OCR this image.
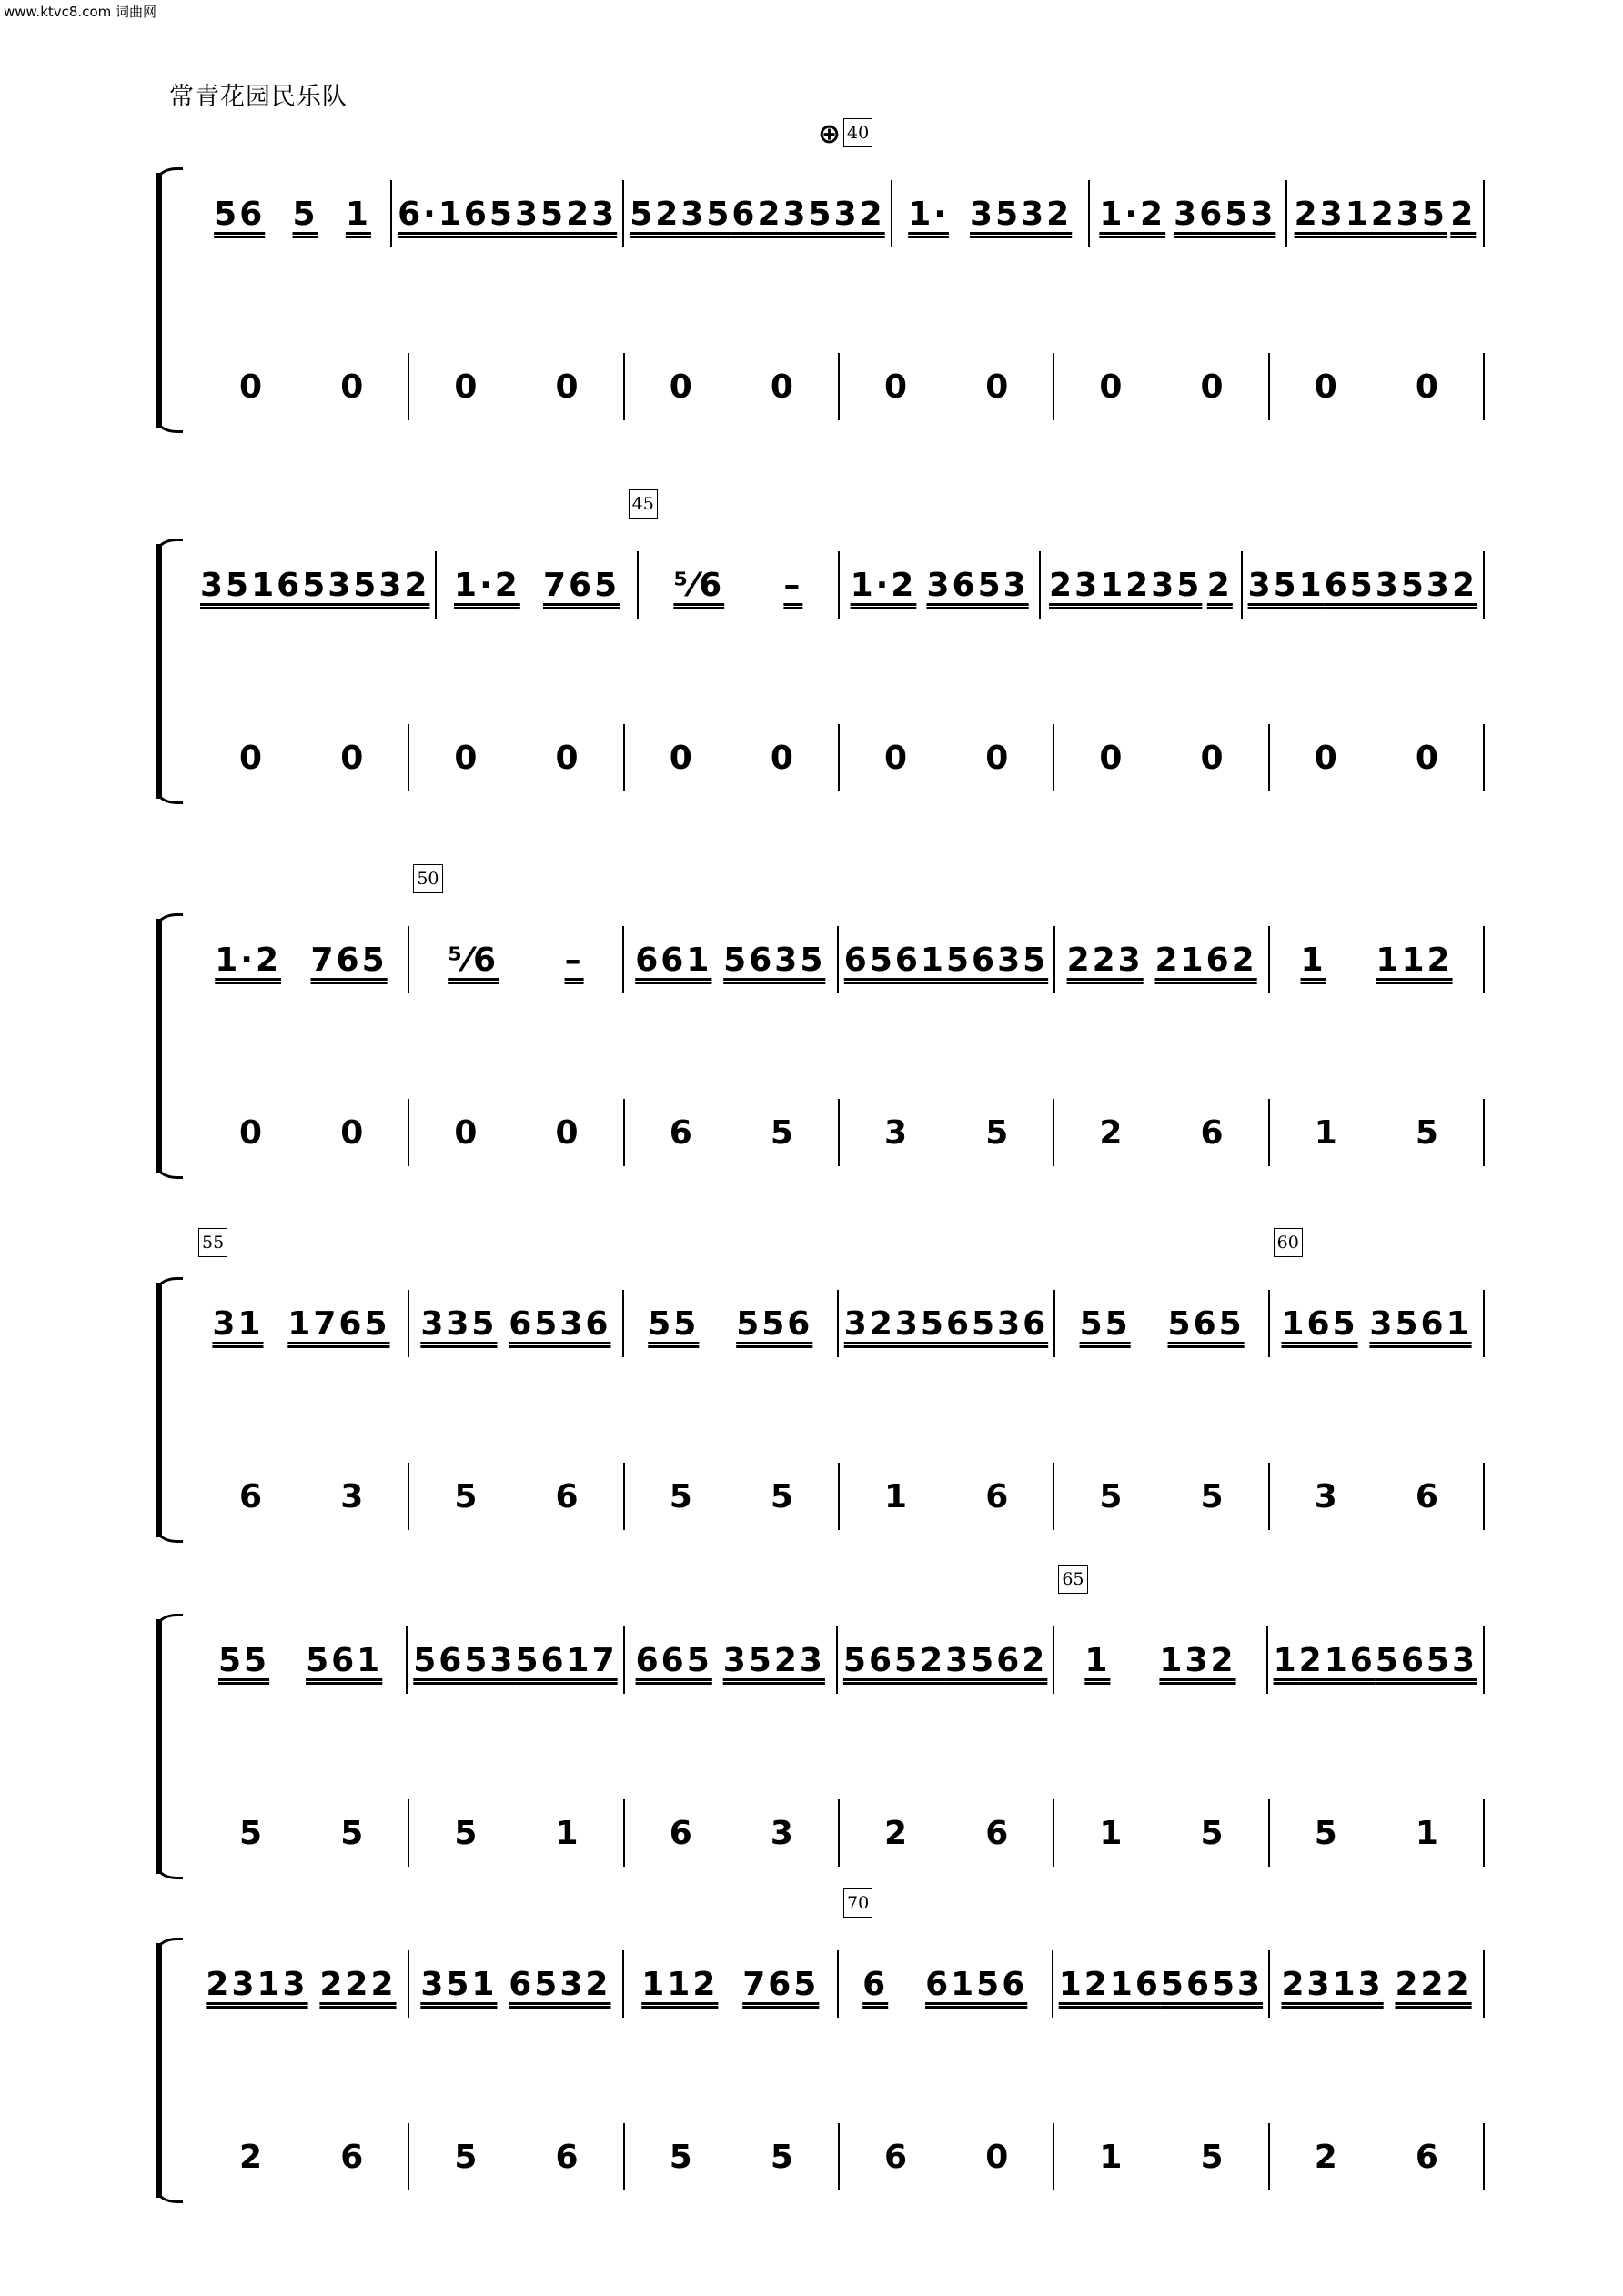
www.ktvc8.com 词曲网
常青花园民乐队
40
⊕
56 5 1 6·165 3523 5235 623532 1· 3532 1·2 3653 231235 2
0 0	0 0	0 0	0 0	0 0	0 0
45
351 653532 1·2 765 ⁵⁄6 – 1·2 3653 231235 2 351 653532
0 0	0 0	0 0	0 0	0 0	0 0
50
1·2 765 ⁵⁄6 – 661 5635 6561 5635 223 2162 1 112
0 0	0 0	6 5	3 5	2 6	1 5
55	60
31 1765 335 6536 55 556 3235 6536 55 565 165 3561
6 3	5 6	5 5	1 6	5 5	3 6
65
55 561 5653 5617 665 3523 5 652 3562 1 132 1 216 5653
5 5	5 1	6 3	2 6	1 5	5 1
70
2313 222 351 6532 112 765 6 6156 1216 5653 2313 222
2 6	5 6	5 5	6 0	1 5	2 6
